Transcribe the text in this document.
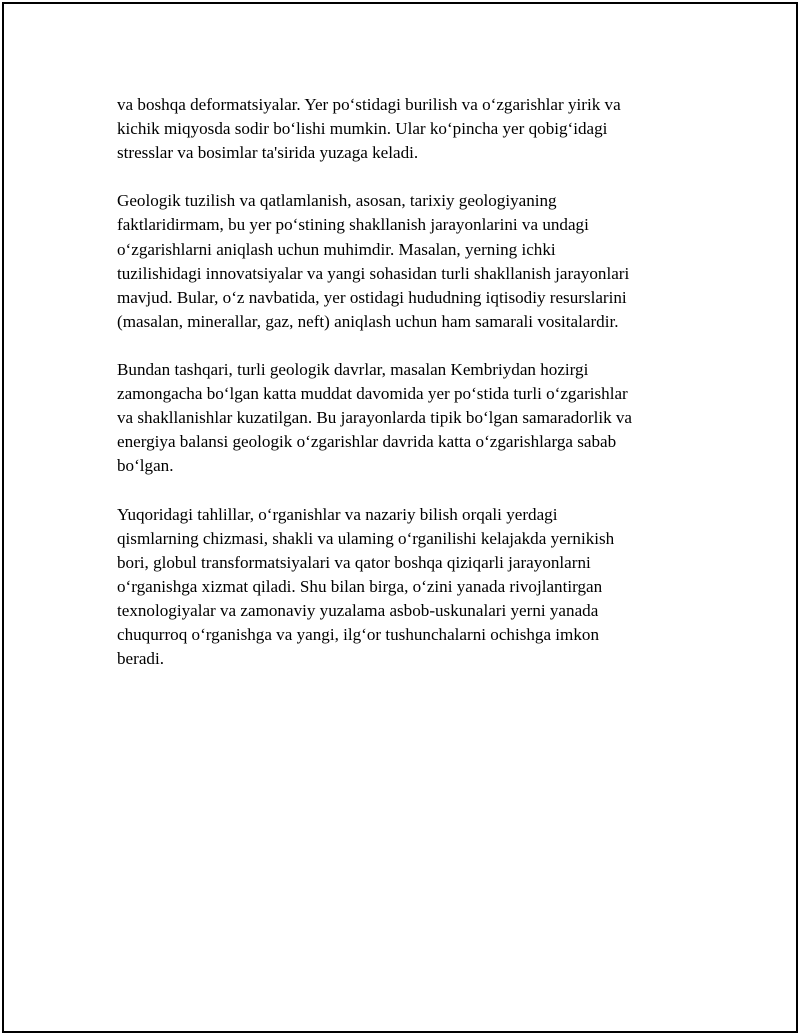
va boshqa deformatsiyalar. Yer po‘stidagi burilish va o‘zgarishlar yirik va
kichik miqyosda sodir bo‘lishi mumkin. Ular ko‘pincha yer qobig‘idagi
stresslar va bosimlar ta'sirida yuzaga keladi.

Geologik tuzilish va qatlamlanish, asosan, tarixiy geologiyaning
faktlaridirmam, bu yer po‘stining shakllanish jarayonlarini va undagi
o‘zgarishlarni aniqlash uchun muhimdir. Masalan, yerning ichki
tuzilishidagi innovatsiyalar va yangi sohasidan turli shakllanish jarayonlari
mavjud. Bular, o‘z navbatida, yer ostidagi hududning iqtisodiy resurslarini
(masalan, minerallar, gaz, neft) aniqlash uchun ham samarali vositalardir.

Bundan tashqari, turli geologik davrlar, masalan Kembriydan hozirgi
zamongacha bo‘lgan katta muddat davomida yer po‘stida turli o‘zgarishlar
va shakllanishlar kuzatilgan. Bu jarayonlarda tipik bo‘lgan samaradorlik va
energiya balansi geologik o‘zgarishlar davrida katta o‘zgarishlarga sabab
bo‘lgan.

Yuqoridagi tahlillar, o‘rganishlar va nazariy bilish orqali yerdagi
qismlarning chizmasi, shakli va ulaming o‘rganilishi kelajakda yernikish
bori, globul transformatsiyalari va qator boshqa qiziqarli jarayonlarni
o‘rganishga xizmat qiladi. Shu bilan birga, o‘zini yanada rivojlantirgan
texnologiyalar va zamonaviy yuzalama asbob-uskunalari yerni yanada
chuqurroq o‘rganishga va yangi, ilg‘or tushunchalarni ochishga imkon
beradi.
